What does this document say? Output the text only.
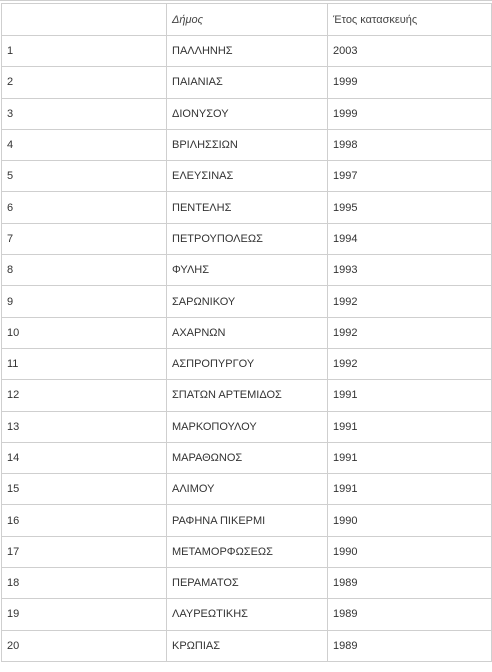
	Δήμος	Έτος κατασκευής
1	ΠΑΛΛΗΝΗΣ	2003
2	ΠΑΙΑΝΙΑΣ	1999
3	ΔΙΟΝΥΣΟΥ	1999
4	ΒΡΙΛΗΣΣΙΩΝ	1998
5	ΕΛΕΥΣΙΝΑΣ	1997
6	ΠΕΝΤΕΛΗΣ	1995
7	ΠΕΤΡΟΥΠΟΛΕΩΣ	1994
8	ΦΥΛΗΣ	1993
9	ΣΑΡΩΝΙΚΟΥ	1992
10	ΑΧΑΡΝΩΝ	1992
11	ΑΣΠΡΟΠΥΡΓΟΥ	1992
12	ΣΠΑΤΩΝ ΑΡΤΕΜΙΔΟΣ	1991
13	ΜΑΡΚΟΠΟΥΛΟΥ	1991
14	ΜΑΡΑΘΩΝΟΣ	1991
15	ΑΛΙΜΟΥ	1991
16	ΡΑΦΗΝΑ ΠΙΚΕΡΜΙ	1990
17	ΜΕΤΑΜΟΡΦΩΣΕΩΣ	1990
18	ΠΕΡΑΜΑΤΟΣ	1989
19	ΛΑΥΡΕΩΤΙΚΗΣ	1989
20	ΚΡΩΠΙΑΣ	1989
